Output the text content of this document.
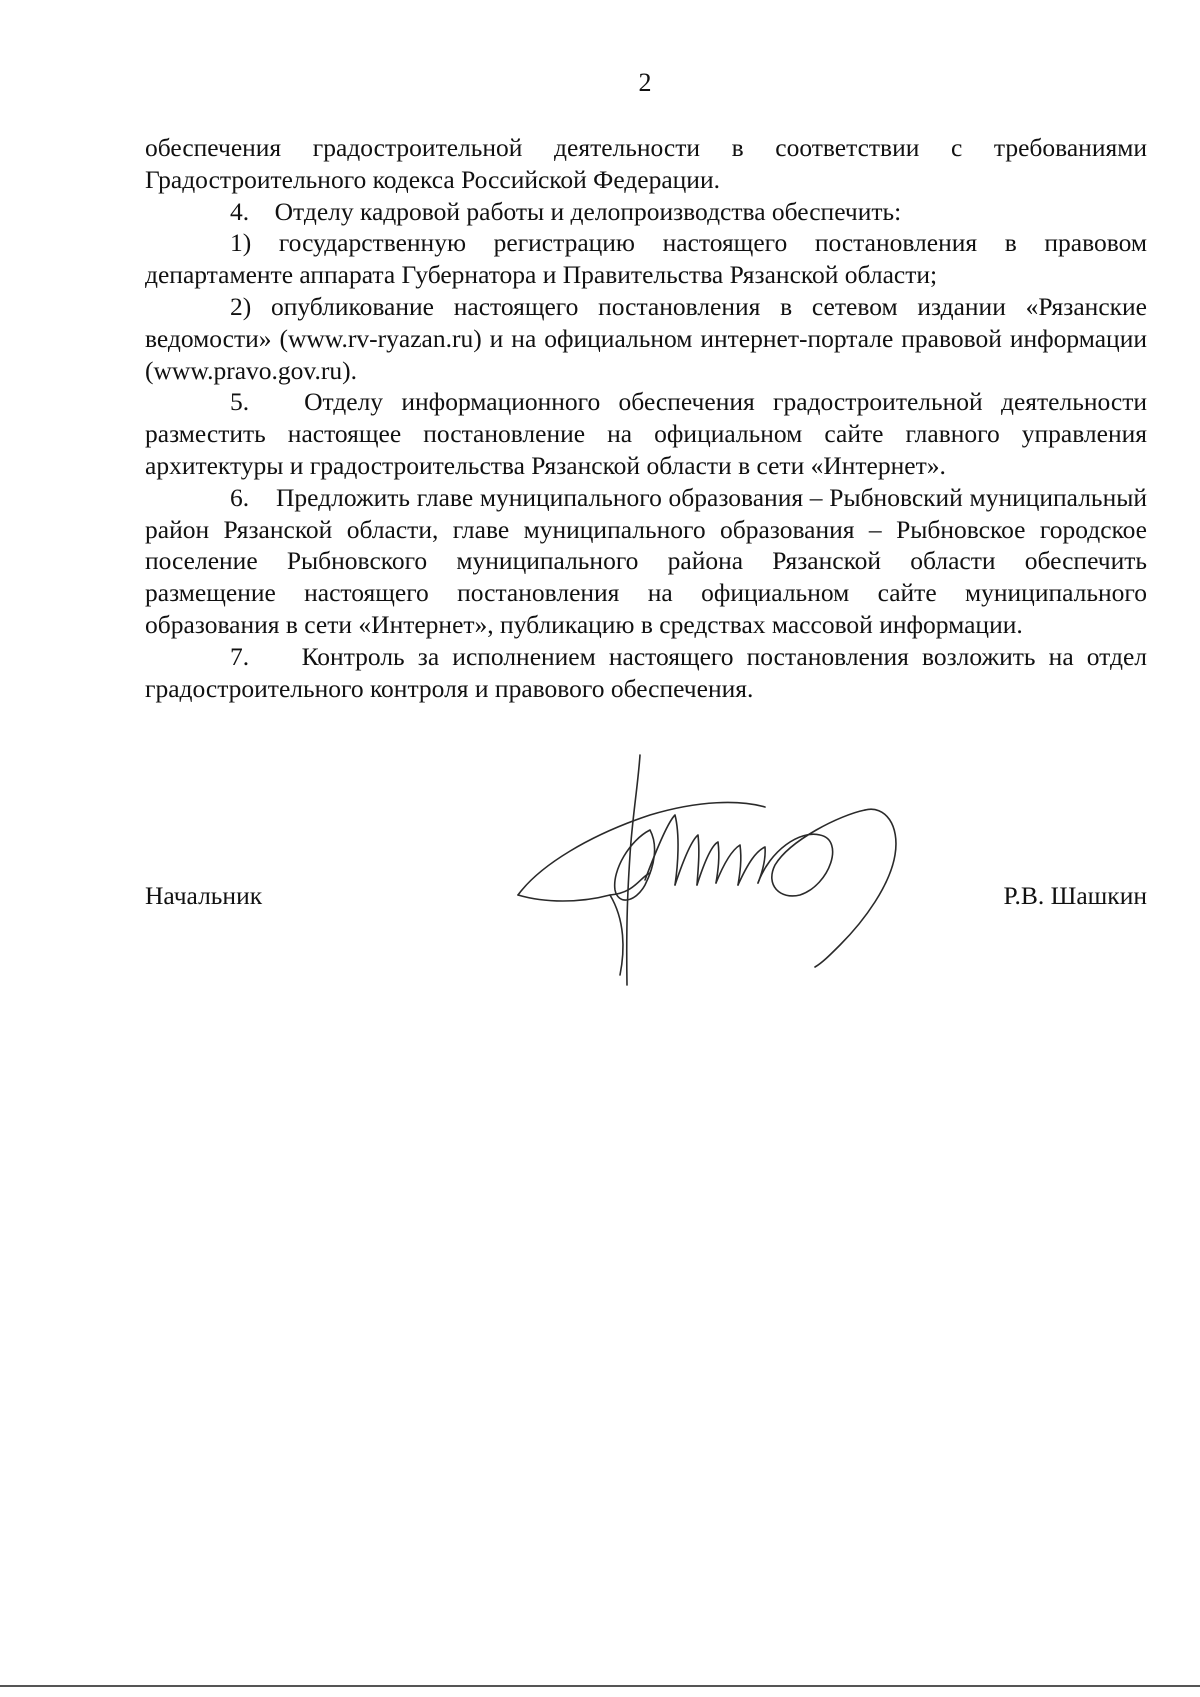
2

обеспечения градостроительной деятельности в соответствии с требованиями Градостроительного кодекса Российской Федерации.

4.    Отделу кадровой работы и делопроизводства обеспечить:

1) государственную регистрацию настоящего постановления в правовом департаменте аппарата Губернатора и Правительства Рязанской области;

2) опубликование настоящего постановления в сетевом издании «Рязанские ведомости» (www.rv-ryazan.ru) и на официальном интернет-портале правовой информации (www.pravo.gov.ru).

5.   Отделу информационного обеспечения градостроительной деятельности разместить настоящее постановление на официальном сайте главного управления архитектуры и градостроительства Рязанской области в сети «Интернет».

6.    Предложить главе муниципального образования – Рыбновский муниципальный район Рязанской области, главе муниципального образования – Рыбновское городское поселение Рыбновского муниципального района Рязанской области обеспечить размещение настоящего постановления на официальном сайте муниципального образования в сети «Интернет», публикацию в средствах массовой информации.

7.    Контроль за исполнением настоящего постановления возложить на отдел градостроительного контроля и правового обеспечения.

Начальник	Р.В. Шашкин
